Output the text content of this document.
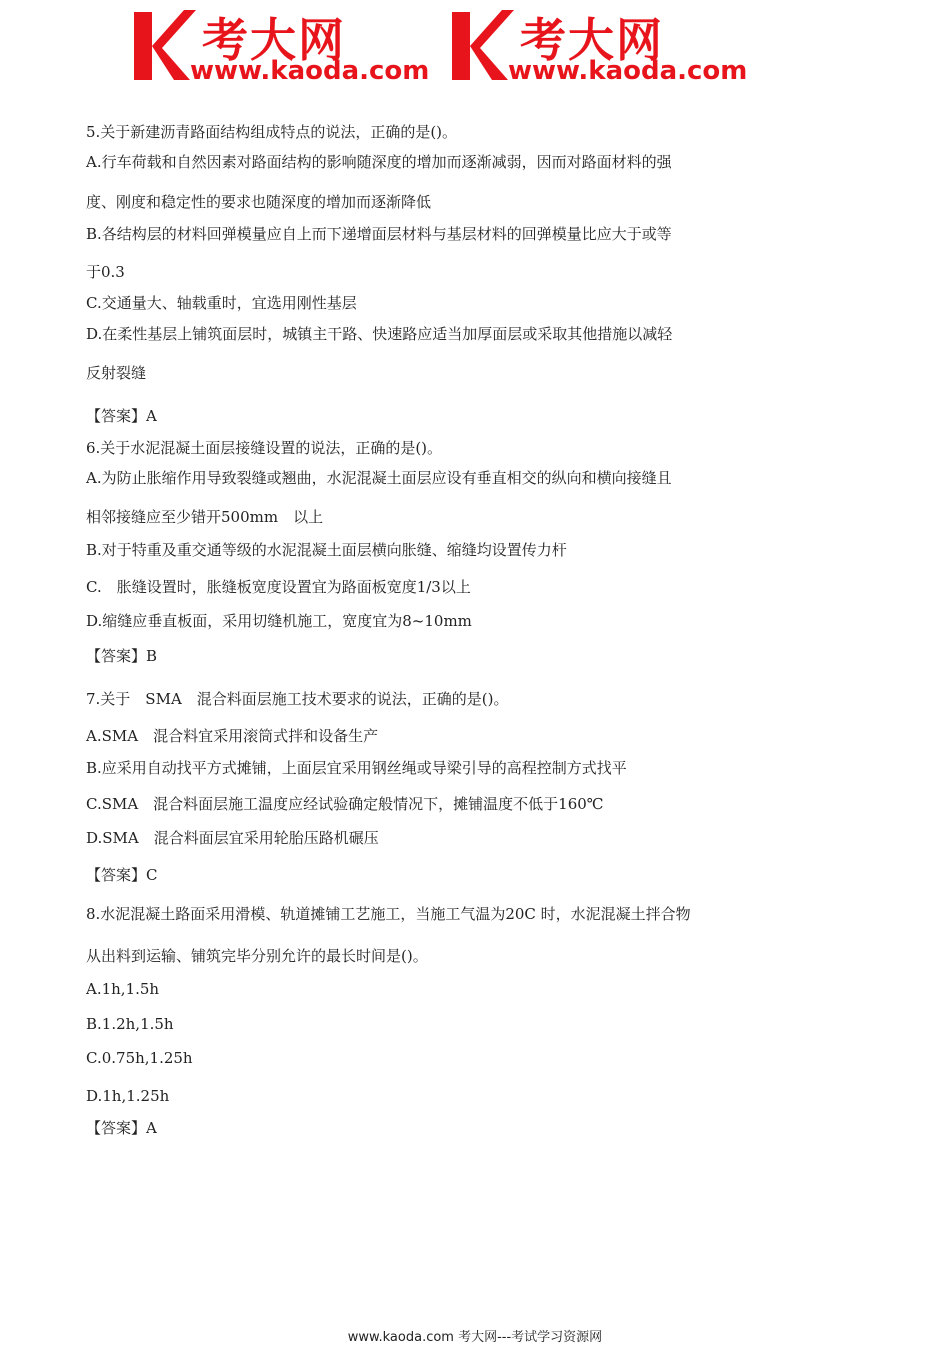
考大网
www.kaoda.com
考大网
www.kaoda.com
5.关于新建沥青路面结构组成特点的说法，正确的是()。
A.行车荷载和自然因素对路面结构的影响随深度的增加而逐渐减弱，因而对路面材料的强
度、刚度和稳定性的要求也随深度的增加而逐渐降低
B.各结构层的材料回弹模量应自上而下递增面层材料与基层材料的回弹模量比应大于或等
于0.3
C.交通量大、轴载重时，宜选用刚性基层
D.在柔性基层上铺筑面层时，城镇主干路、快速路应适当加厚面层或采取其他措施以减轻
反射裂缝
【答案】A
6.关于水泥混凝土面层接缝设置的说法，正确的是()。
A.为防止胀缩作用导致裂缝或翘曲，水泥混凝土面层应设有垂直相交的纵向和横向接缝且
相邻接缝应至少错开500mm　以上
B.对于特重及重交通等级的水泥混凝土面层横向胀缝、缩缝均设置传力杆
C.　胀缝设置时，胀缝板宽度设置宜为路面板宽度1/3以上
D.缩缝应垂直板面，采用切缝机施工，宽度宜为8~10mm
【答案】B
7.关于　SMA　混合料面层施工技术要求的说法，正确的是()。
A.SMA　混合料宜采用滚筒式拌和设备生产
B.应采用自动找平方式摊铺，上面层宜采用钢丝绳或导梁引导的高程控制方式找平
C.SMA　混合料面层施工温度应经试验确定般情况下，摊铺温度不低于160℃
D.SMA　混合料面层宜采用轮胎压路机碾压
【答案】C
8.水泥混凝土路面采用滑模、轨道摊铺工艺施工，当施工气温为20C 时，水泥混凝土拌合物
从出料到运输、铺筑完毕分别允许的最长时间是()。
A.1h,1.5h
B.1.2h,1.5h
C.0.75h,1.25h
D.1h,1.25h
【答案】A
www.kaoda.com 考大网---考试学习资源网
